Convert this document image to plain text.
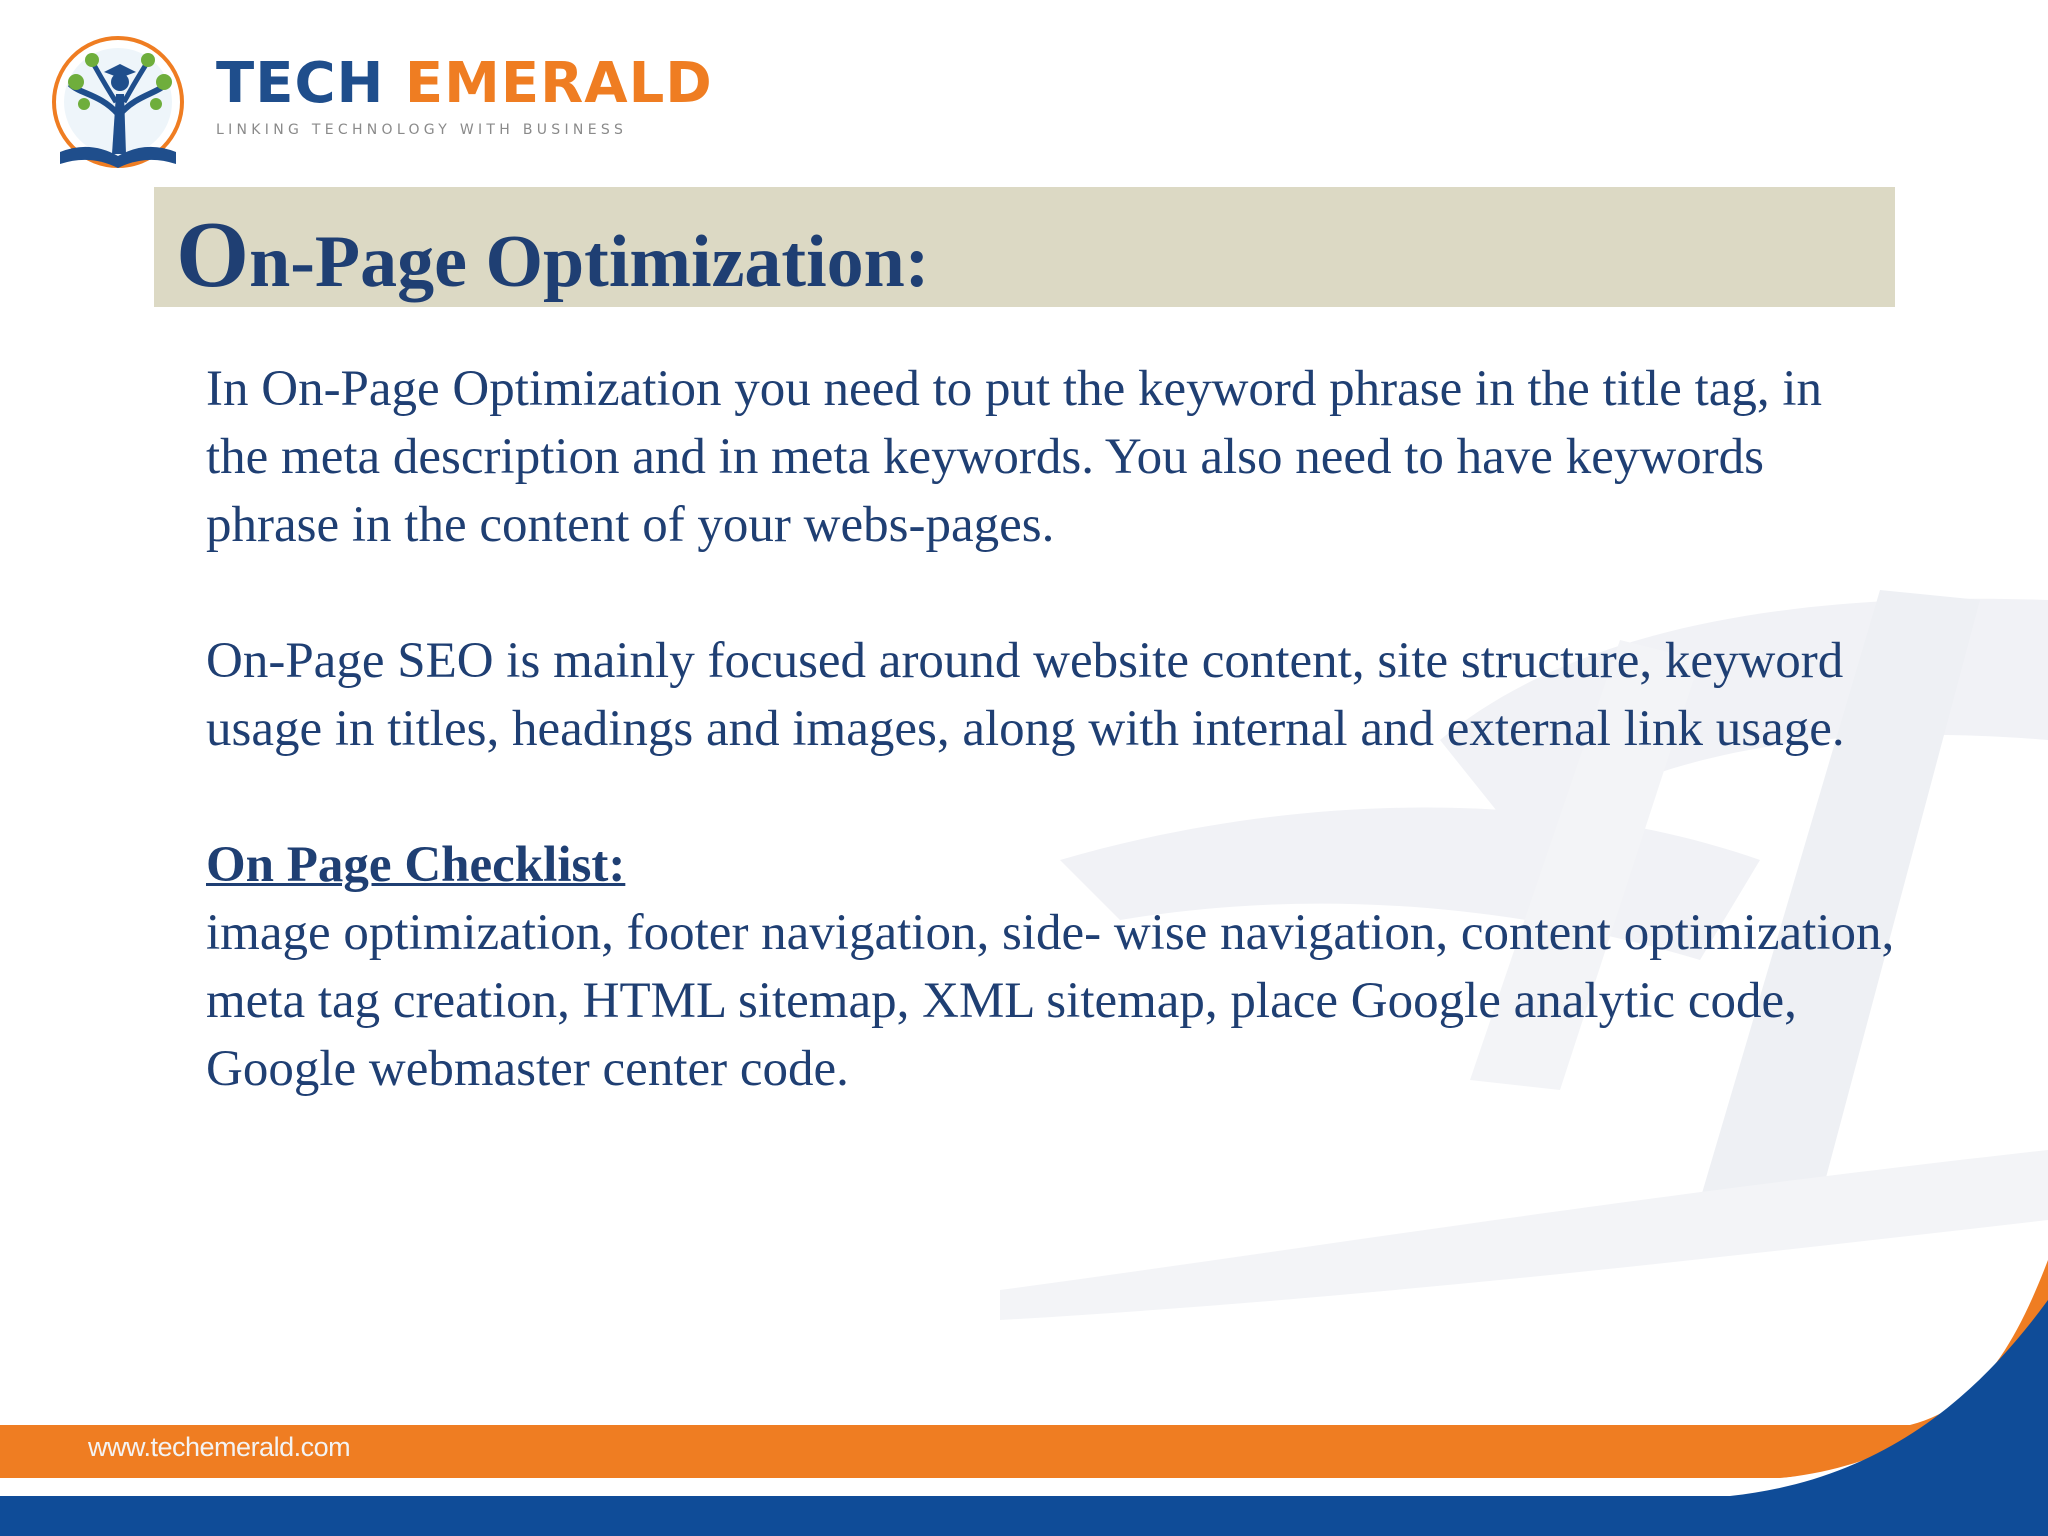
TECH EMERALD
LINKING TECHNOLOGY WITH BUSINESS
On-Page Optimization:

In On-Page Optimization you need to put the keyword phrase in the title tag, in the meta description and in meta keywords. You also need to have keywords phrase in the content of your webs-pages.

On-Page SEO is mainly focused around website content, site structure, keyword usage in titles, headings and images, along with internal and external link usage.

On Page Checklist:

image optimization, footer navigation, side- wise navigation, content optimization, meta tag creation, HTML sitemap, XML sitemap, place Google analytic code, Google webmaster center code.

www.techemerald.com
